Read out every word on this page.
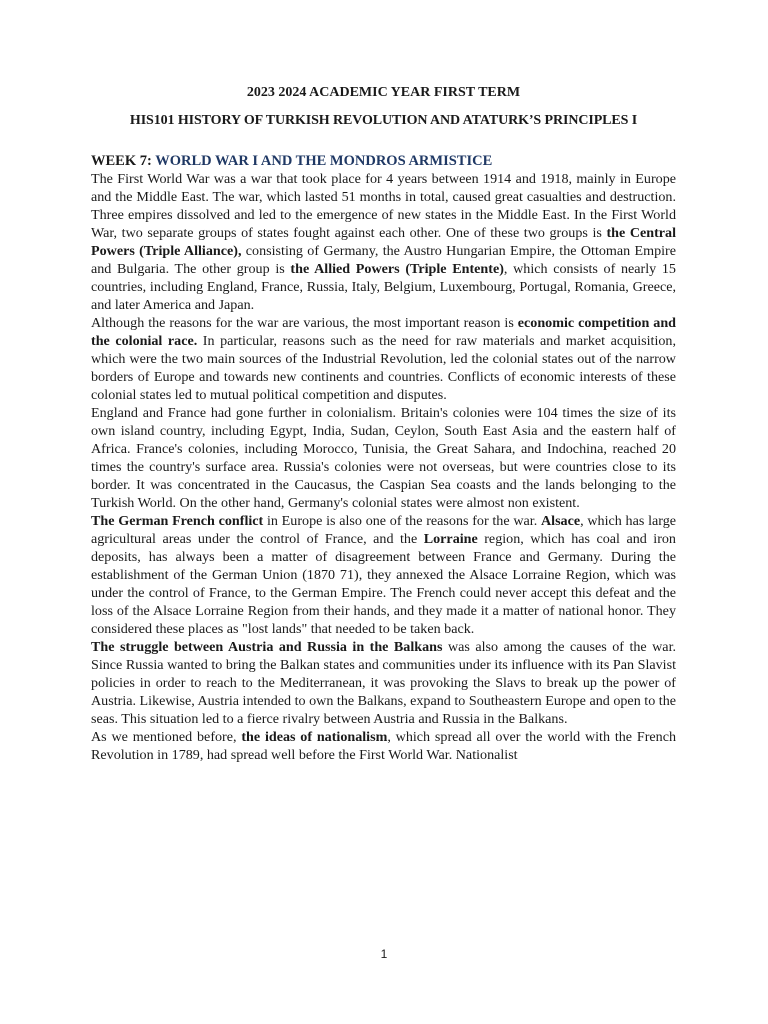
2023 2024 ACADEMIC YEAR FIRST TERM

HIS101 HISTORY OF TURKISH REVOLUTION AND ATATURK’S PRINCIPLES I

WEEK 7: WORLD WAR I AND THE MONDROS ARMISTICE

The First World War was a war that took place for 4 years between 1914 and 1918, mainly in Europe and the Middle East. The war, which lasted 51 months in total, caused great casualties and destruction. Three empires dissolved and led to the emergence of new states in the Middle East. In the First World War, two separate groups of states fought against each other. One of these two groups is the Central Powers (Triple Alliance), consisting of Germany, the Austro Hungarian Empire, the Ottoman Empire and Bulgaria. The other group is the Allied Powers (Triple Entente), which consists of nearly 15 countries, including England, France, Russia, Italy, Belgium, Luxembourg, Portugal, Romania, Greece, and later America and Japan.

Although the reasons for the war are various, the most important reason is economic competition and the colonial race. In particular, reasons such as the need for raw materials and market acquisition, which were the two main sources of the Industrial Revolution, led the colonial states out of the narrow borders of Europe and towards new continents and countries. Conflicts of economic interests of these colonial states led to mutual political competition and disputes.

England and France had gone further in colonialism. Britain's colonies were 104 times the size of its own island country, including Egypt, India, Sudan, Ceylon, South East Asia and the eastern half of Africa. France's colonies, including Morocco, Tunisia, the Great Sahara, and Indochina, reached 20 times the country's surface area. Russia's colonies were not overseas, but were countries close to its border. It was concentrated in the Caucasus, the Caspian Sea coasts and the lands belonging to the Turkish World. On the other hand, Germany's colonial states were almost non existent.

The German French conflict in Europe is also one of the reasons for the war. Alsace, which has large agricultural areas under the control of France, and the Lorraine region, which has coal and iron deposits, has always been a matter of disagreement between France and Germany. During the establishment of the German Union (1870 71), they annexed the Alsace Lorraine Region, which was under the control of France, to the German Empire. The French could never accept this defeat and the loss of the Alsace Lorraine Region from their hands, and they made it a matter of national honor. They considered these places as "lost lands" that needed to be taken back.

The struggle between Austria and Russia in the Balkans was also among the causes of the war. Since Russia wanted to bring the Balkan states and communities under its influence with its Pan Slavist policies in order to reach to the Mediterranean, it was provoking the Slavs to break up the power of Austria. Likewise, Austria intended to own the Balkans, expand to Southeastern Europe and open to the seas. This situation led to a fierce rivalry between Austria and Russia in the Balkans.

As we mentioned before, the ideas of nationalism, which spread all over the world with the French Revolution in 1789, had spread well before the First World War. Nationalist

1
